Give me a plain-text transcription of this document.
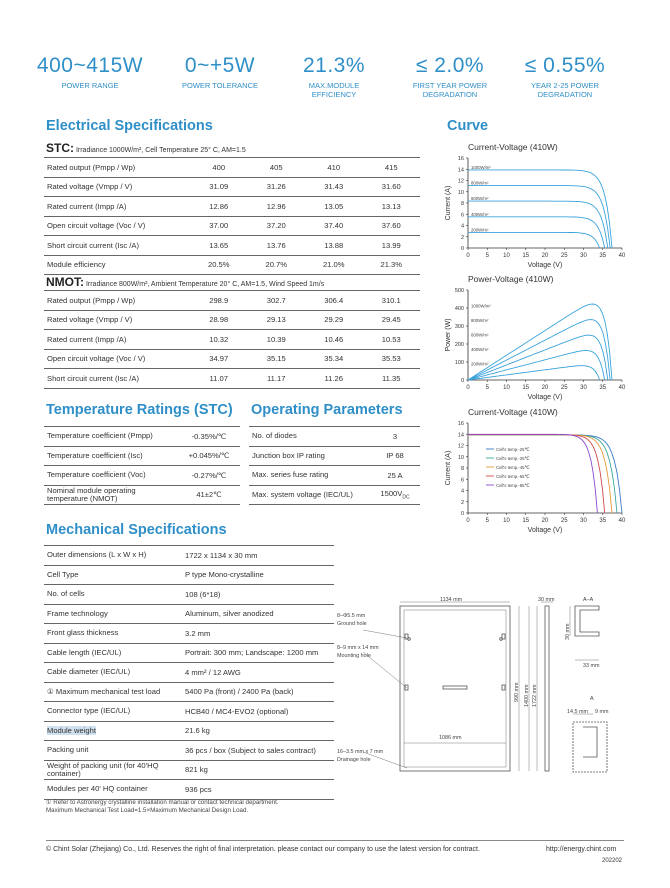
400~415W
POWER RANGE
0~+5W
POWER TOLERANCE
21.3%
MAX.MODULE EFFICIENCY
≤ 2.0%
FIRST YEAR POWER DEGRADATION
≤ 0.55%
YEAR 2-25 POWER DEGRADATION
Electrical Specifications
STC: Irradiance 1000W/m², Cell Temperature 25° C, AM=1.5
Rated output (Pmpp / Wp)	400	405	410	415
Rated voltage (Vmpp / V)	31.09	31.26	31.43	31.60
Rated current (Impp /A)	12.86	12.96	13.05	13.13
Open circuit voltage (Voc / V)	37.00	37.20	37.40	37.60
Short circuit current (Isc /A)	13.65	13.76	13.88	13.99
Module efficiency	20.5%	20.7%	21.0%	21.3%
NMOT: Irradiance 800W/m², Ambient Temperature 20° C, AM=1.5, Wind Speed 1m/s
Rated output (Pmpp / Wp)	298.9	302.7	306.4	310.1
Rated voltage (Vmpp / V)	28.98	29.13	29.29	29.45
Rated current (Impp /A)	10.32	10.39	10.46	10.53
Open circuit voltage (Voc / V)	34.97	35.15	35.34	35.53
Short circuit current (Isc /A)	11.07	11.17	11.26	11.35
Temperature Ratings (STC)
Temperature coefficient (Pmpp)	-0.35%/℃
Temperature coefficient (Isc)	+0.045%/℃
Temperature coefficient (Voc)	-0.27%/℃
Nominal module operating temperature (NMOT)	41±2℃
Operating Parameters
No. of diodes	3
Junction box IP rating	IP 68
Max. series fuse rating	25 A
Max. system voltage (IEC/UL)	$1500V_{DC}$
Curve
Current-Voltage (410W)
0	5 10 15 20 25 30 35 40
0
2
4
6
8
10
12
14
16
Voltage (V)
Current (A)
1000W/m²
800W/m²
600W/m²
400W/m²
200W/m²
Power-Voltage (410W)
0	5 10 15 20 25 30 35 40
0
100
200
300
400
500
Voltage (V)
Power (W)
1000W/m²
800W/m²
600W/m²
400W/m²
200W/m²
Current-Voltage (410W)
0	5 10 15 20 25 30 35 40
0
2
4
6
8
10
12
14
16
Voltage (V)
Current (A)
Cell's temp.-25℃
Cell's temp.-25℃
Cell's temp.-45℃
Cell's temp.-65℃
Cell's temp.-85℃
Mechanical Specifications
Outer dimensions (L x W x H)	1722 x 1134 x 30 mm
Cell Type	P type Mono-crystalline
No. of cells	108 (6*18)
Frame technology	Aluminum, silver anodized
Front glass thickness	3.2 mm
Cable length (IEC/UL)	Portrait: 300 mm; Landscape: 1200 mm
Cable diameter (IEC/UL)	4 mm² / 12 AWG
① Maximum mechanical test load	5400 Pa (front) / 2400 Pa (back)
Connector type (IEC/UL)	HCB40 / MC4-EVO2 (optional)
Module weight	21.6 kg
Packing unit	36 pcs / box (Subject to sales contract)
Weight of packing unit (for 40'HQ container)	821 kg
Modules per 40' HQ container	936 pcs
① Refer to Astronergy crystalline installation manual or contact technical department.
Maximum Mechanical Test Load=1.5×Maximum Mechanical Design Load.
1134 mm	30 mm	A–A
8–Φ5.5 mm
Ground hole
8–9 mm x 14 mm
Mounting hole
16–3.5 mm x 7 mm
Drainage hole
1086 mm
990 mm 1400 mm 1722 mm
30 mm
33 mm
A
14.5 mm 9 mm
© Chint Solar (Zhejiang) Co., Ltd. Reserves the right of final interpretation. please contact our company to use the latest version for contract.	http://energy.chint.com
202202
